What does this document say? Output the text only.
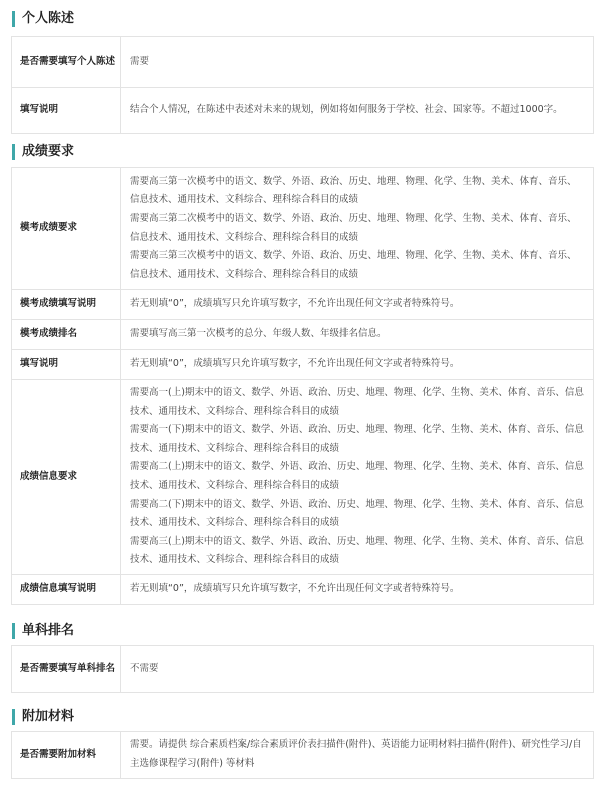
个人陈述
是否需要填写个人陈述	需要
填写说明	结合个人情况，在陈述中表述对未来的规划，例如将如何服务于学校、社会、国家等。不超过1000字。
成绩要求
模考成绩要求	需要高三第一次模考中的语文、数学、外语、政治、历史、地理、物理、化学、生物、美术、体育、音乐、信息技术、通用技术、文科综合、理科综合科目的成绩
需要高三第二次模考中的语文、数学、外语、政治、历史、地理、物理、化学、生物、美术、体育、音乐、信息技术、通用技术、文科综合、理科综合科目的成绩
需要高三第三次模考中的语文、数学、外语、政治、历史、地理、物理、化学、生物、美术、体育、音乐、信息技术、通用技术、文科综合、理科综合科目的成绩

模考成绩填写说明	若无则填“0”，成绩填写只允许填写数字，不允许出现任何文字或者特殊符号。
模考成绩排名	需要填写高三第一次模考的总分、年级人数、年级排名信息。
填写说明	若无则填“0”，成绩填写只允许填写数字，不允许出现任何文字或者特殊符号。
成绩信息要求	需要高一(上)期末中的语文、数学、外语、政治、历史、地理、物理、化学、生物、美术、体育、音乐、信息技术、通用技术、文科综合、理科综合科目的成绩
需要高一(下)期末中的语文、数学、外语、政治、历史、地理、物理、化学、生物、美术、体育、音乐、信息技术、通用技术、文科综合、理科综合科目的成绩
需要高二(上)期末中的语文、数学、外语、政治、历史、地理、物理、化学、生物、美术、体育、音乐、信息技术、通用技术、文科综合、理科综合科目的成绩
需要高二(下)期末中的语文、数学、外语、政治、历史、地理、物理、化学、生物、美术、体育、音乐、信息技术、通用技术、文科综合、理科综合科目的成绩
需要高三(上)期末中的语文、数学、外语、政治、历史、地理、物理、化学、生物、美术、体育、音乐、信息技术、通用技术、文科综合、理科综合科目的成绩

成绩信息填写说明	若无则填“0”，成绩填写只允许填写数字，不允许出现任何文字或者特殊符号。
单科排名
是否需要填写单科排名	不需要
附加材料
是否需要附加材料	需要。请提供 综合素质档案/综合素质评价表扫描件(附件)、英语能力证明材料扫描件(附件)、研究性学习/自主选修课程学习(附件) 等材料
